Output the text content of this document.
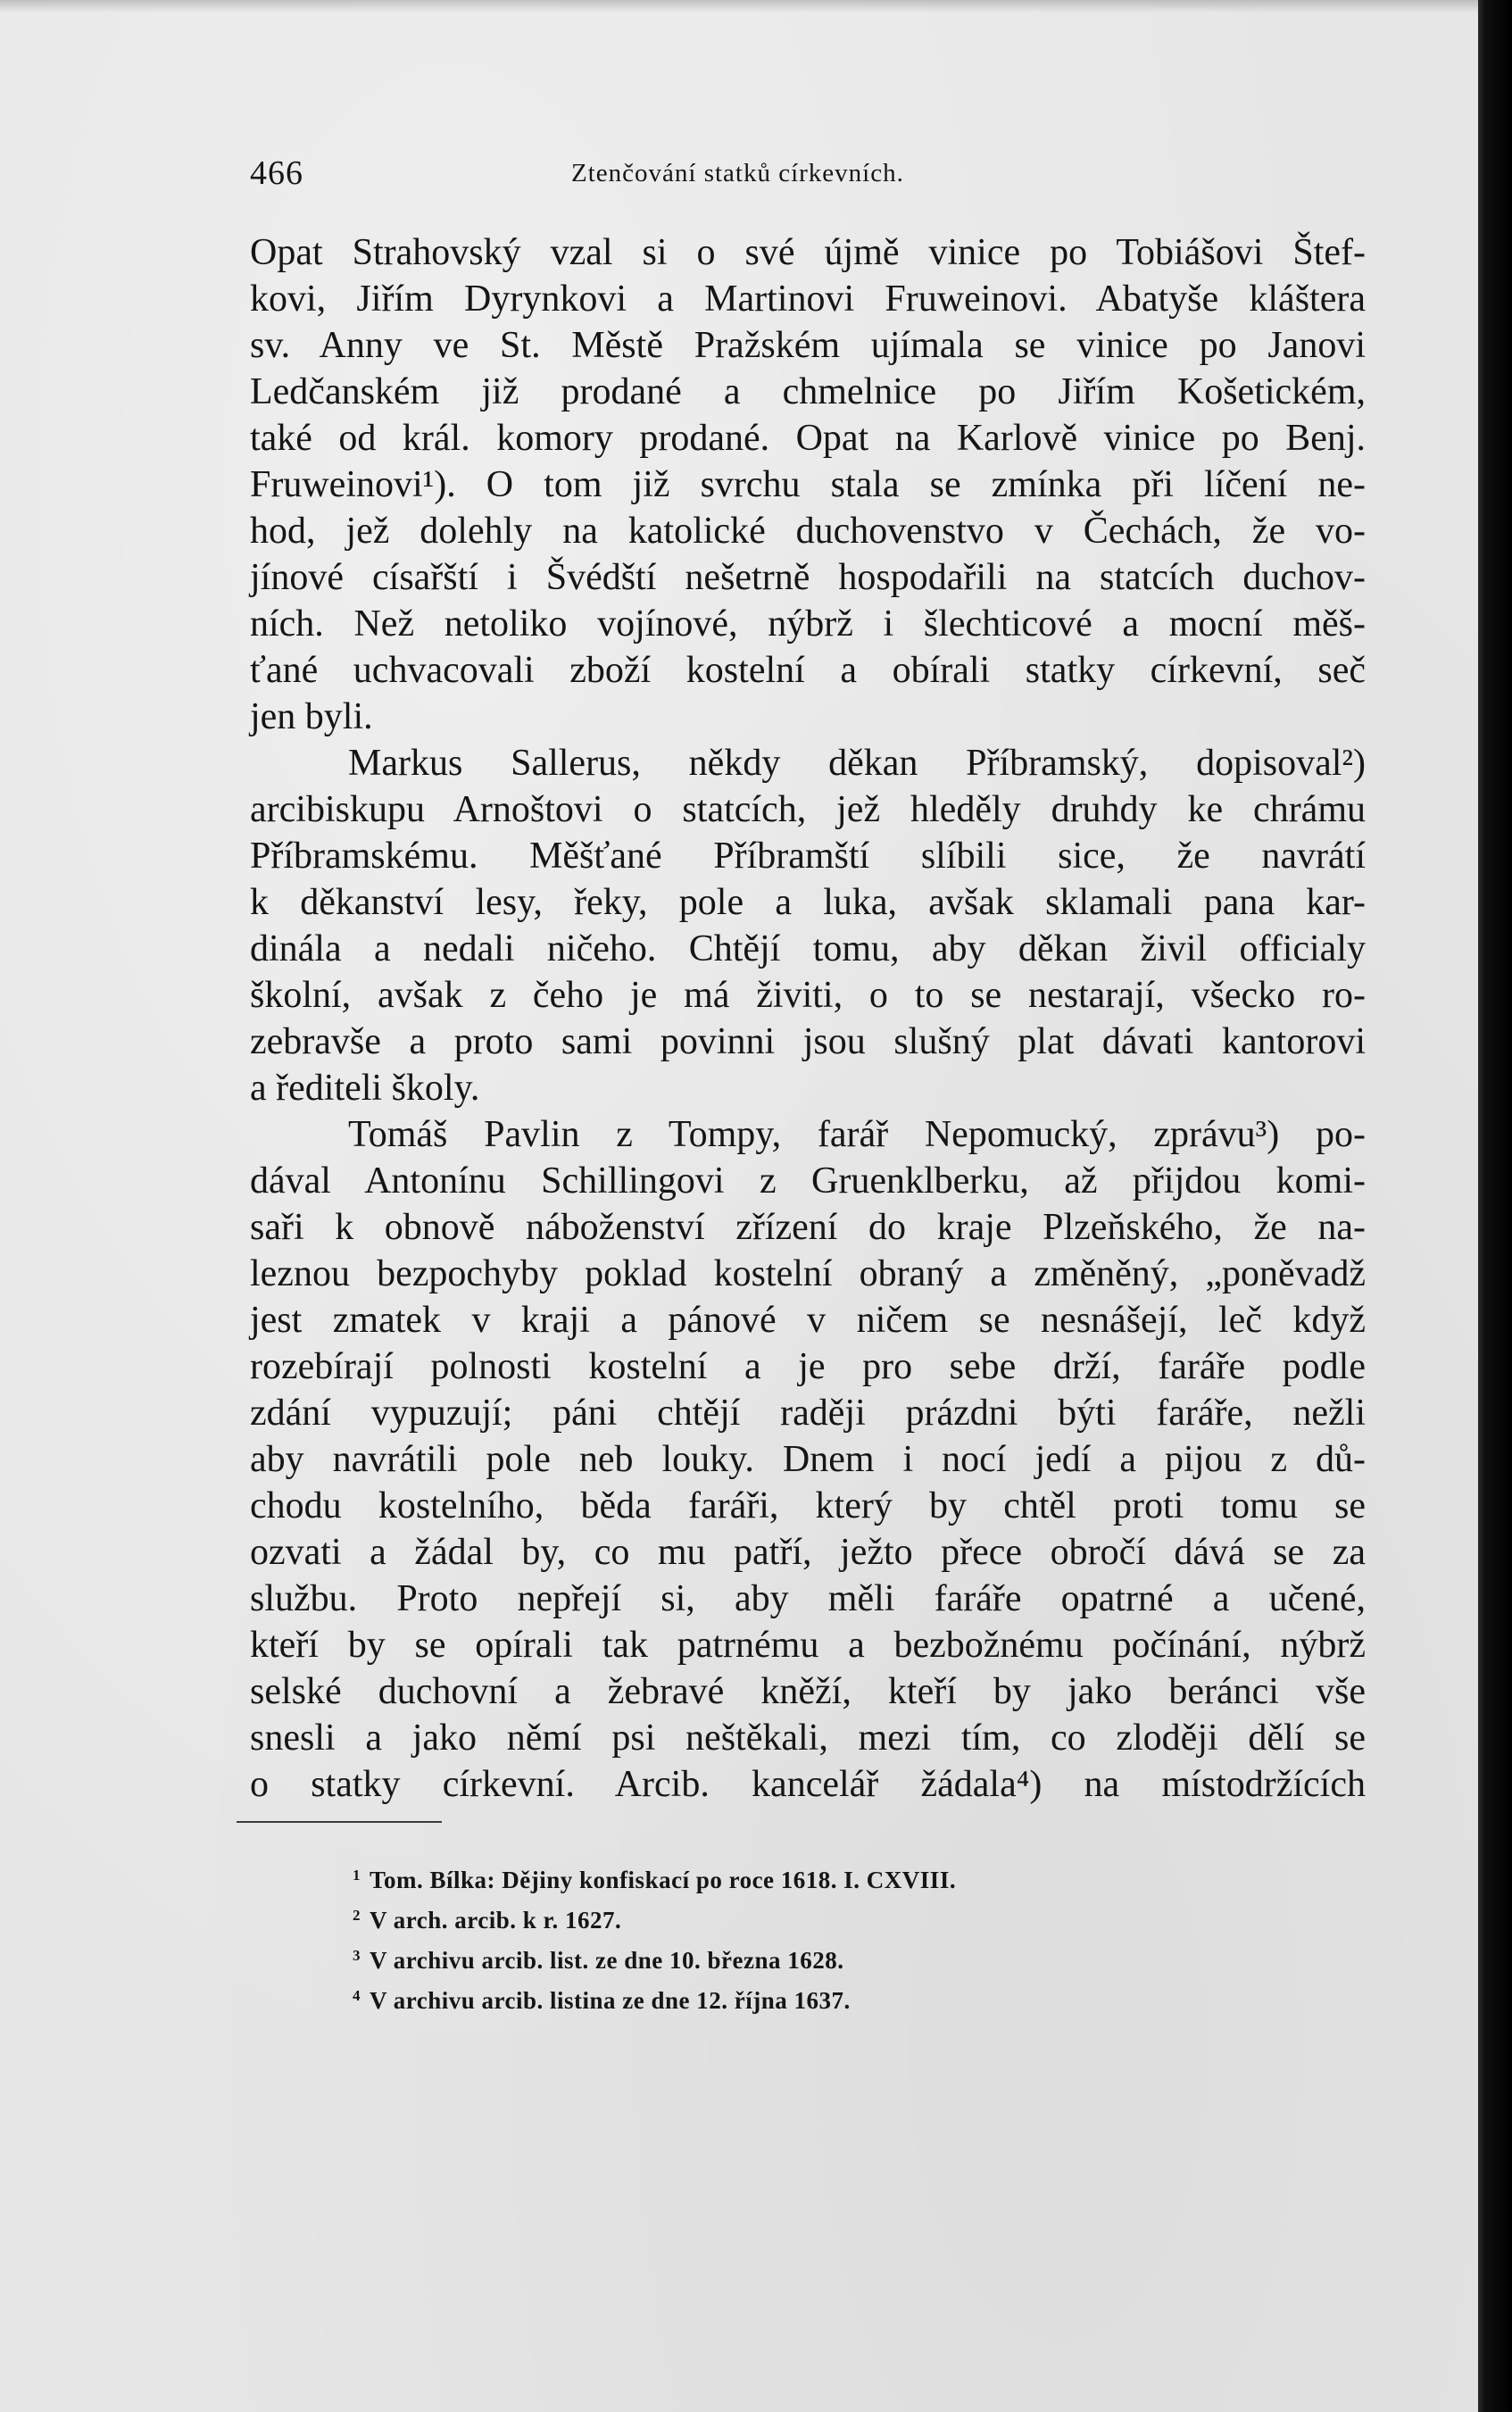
466	Ztenčování statků církevních.
Opat Strahovský vzal si o své újmě vinice po Tobiášovi Štef-
kovi, Jiřím Dyrynkovi a Martinovi Fruweinovi. Abatyše kláštera
sv. Anny ve St. Městě Pražském ujímala se vinice po Janovi
Ledčanském již prodané a chmelnice po Jiřím Košetickém,
také od král. komory prodané. Opat na Karlově vinice po Benj.
Fruweinovi¹). O tom již svrchu stala se zmínka při líčení ne-
hod, jež dolehly na katolické duchovenstvo v Čechách, že vo-
jínové císařští i Švédští nešetrně hospodařili na statcích duchov-
ních. Než netoliko vojínové, nýbrž i šlechticové a mocní měš-
ťané uchvacovali zboží kostelní a obírali statky církevní, seč
jen byli.
Markus Sallerus, někdy děkan Příbramský, dopisoval²)
arcibiskupu Arnoštovi o statcích, jež hleděly druhdy ke chrámu
Příbramskému. Měšťané Příbramští slíbili sice, že navrátí
k děkanství lesy, řeky, pole a luka, avšak sklamali pana kar-
dinála a nedali ničeho. Chtějí tomu, aby děkan živil officialy
školní, avšak z čeho je má živiti, o to se nestarají, všecko ro-
zebravše a proto sami povinni jsou slušný plat dávati kantorovi
a řediteli školy.
Tomáš Pavlin z Tompy, farář Nepomucký, zprávu³) po-
dával Antonínu Schillingovi z Gruenklberku, až přijdou komi-
saři k obnově náboženství zřízení do kraje Plzeňského, že na-
leznou bezpochyby poklad kostelní obraný a změněný, „poněvadž
jest zmatek v kraji a pánové v ničem se nesnášejí, leč když
rozebírají polnosti kostelní a je pro sebe drží, faráře podle
zdání vypuzují; páni chtějí raději prázdni býti faráře, nežli
aby navrátili pole neb louky. Dnem i nocí jedí a pijou z dů-
chodu kostelního, běda faráři, který by chtěl proti tomu se
ozvati a žádal by, co mu patří, ježto přece obročí dává se za
službu. Proto nepřejí si, aby měli faráře opatrné a učené,
kteří by se opírali tak patrnému a bezbožnému počínání, nýbrž
selské duchovní a žebravé kněží, kteří by jako beránci vše
snesli a jako němí psi neštěkali, mezi tím, co zloději dělí se
o statky církevní. Arcib. kancelář žádala⁴) na místodržících
$^1$ Tom. Bílka: Dějiny konfiskací po roce 1618. I. CXVIII.
$^2$ V arch. arcib. k r. 1627.
$^3$ V archivu arcib. list. ze dne 10. března 1628.
$^4$ V archivu arcib. listina ze dne 12. října 1637.
